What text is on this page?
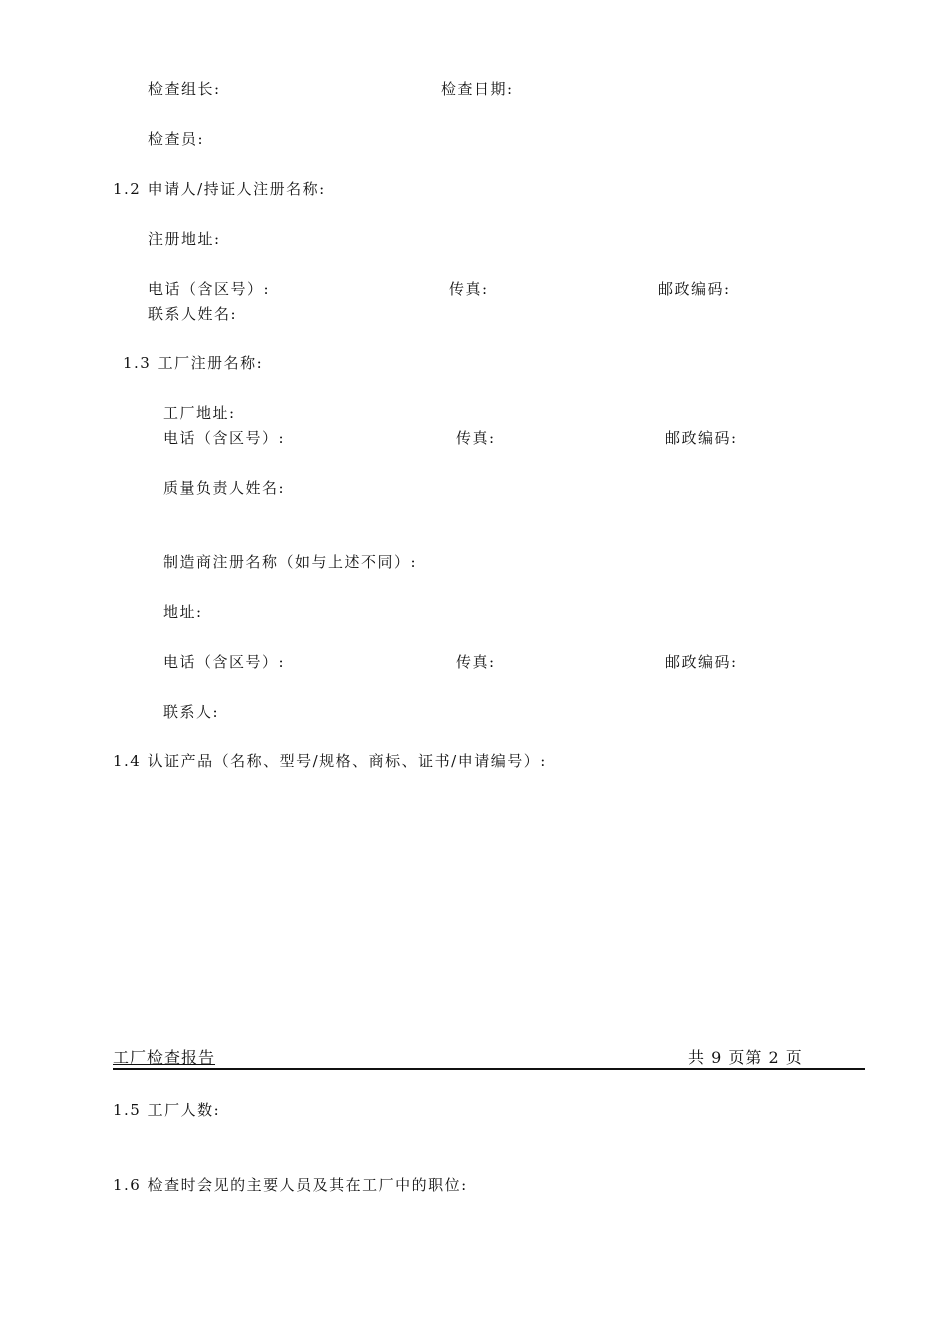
检查组长:	检查日期:
检查员:
1.2 申请人/持证人注册名称:
注册地址:
电话（含区号）:	传真:	邮政编码:
联系人姓名:
1.3 工厂注册名称:
工厂地址:
电话（含区号）:	传真:	邮政编码:
质量负责人姓名:
制造商注册名称（如与上述不同）:
地址:
电话（含区号）:	传真:	邮政编码:
联系人:
1.4 认证产品（名称、型号/规格、商标、证书/申请编号）:
工厂检查报告	共 9 页第 2 页
1.5 工厂人数:
1.6 检查时会见的主要人员及其在工厂中的职位:
